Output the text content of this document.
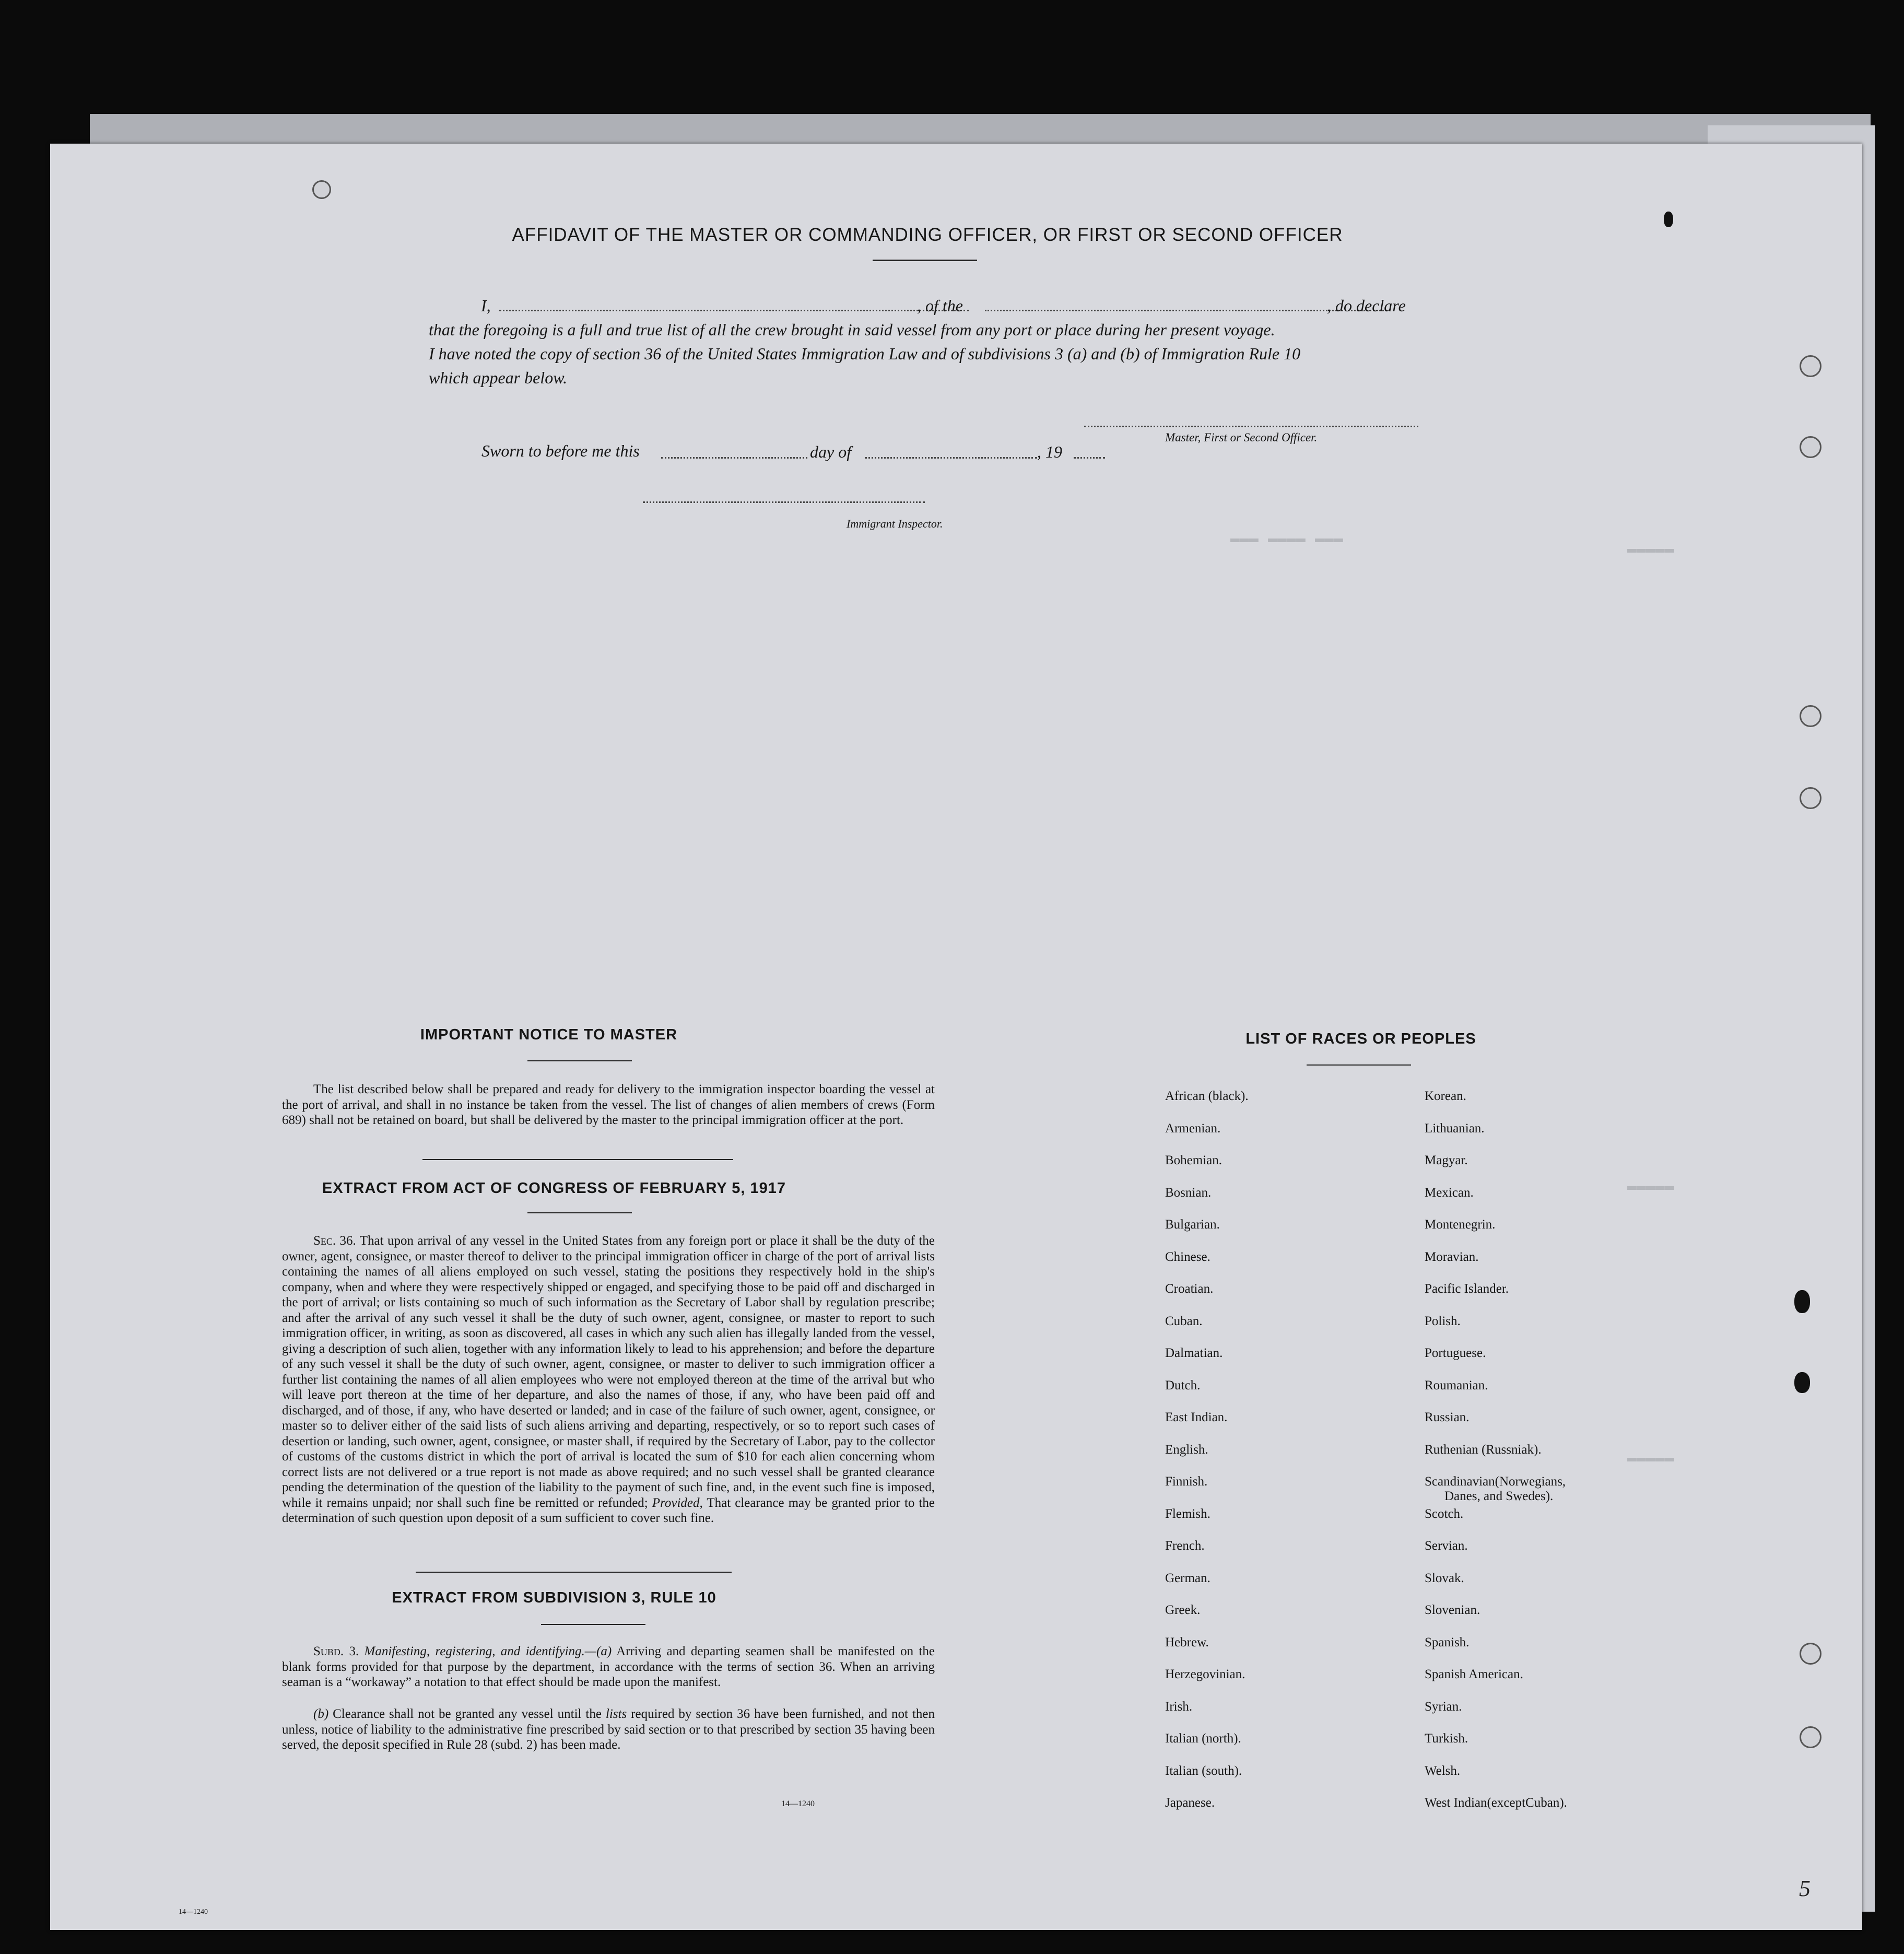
▬▬▬ ▬▬▬▬ ▬▬▬
▬▬▬▬▬
▬▬▬▬▬
▬▬▬▬▬
AFFIDAVIT OF THE MASTER OR COMMANDING OFFICER, OR FIRST OR SECOND OFFICER
I,	, of the	, do declare
that the foregoing is a full and true list of all the crew brought in said vessel from any port or place during her present voyage.
I have noted the copy of section 36 of the United States Immigration Law and of subdivisions 3 (a) and (b) of Immigration Rule 10
which appear below.
Master, First or Second Officer.
Sworn to before me this	day of	, 19
Immigrant Inspector.
IMPORTANT NOTICE TO MASTER
The list described below shall be prepared and ready for delivery to the immigration inspector boarding the vessel at the port of arrival, and shall in no instance be taken from the vessel. The list of changes of alien members of crews (Form 689) shall not be retained on board, but shall be delivered by the master to the principal immigration officer at the port.
EXTRACT FROM ACT OF CONGRESS OF FEBRUARY 5, 1917
Sec. 36. That upon arrival of any vessel in the United States from any foreign port or place it shall be the duty of the owner, agent, consignee, or master thereof to deliver to the principal immigration officer in charge of the port of arrival lists containing the names of all aliens employed on such vessel, stating the positions they respectively hold in the ship's company, when and where they were respectively shipped or engaged, and specifying those to be paid off and discharged in the port of arrival; or lists containing so much of such information as the Secretary of Labor shall by regulation prescribe; and after the arrival of any such vessel it shall be the duty of such owner, agent, consignee, or master to report to such immigration officer, in writing, as soon as discovered, all cases in which any such alien has illegally landed from the vessel, giving a description of such alien, together with any information likely to lead to his apprehension; and before the departure of any such vessel it shall be the duty of such owner, agent, consignee, or master to deliver to such immigration officer a further list containing the names of all alien employees who were not employed thereon at the time of the arrival but who will leave port thereon at the time of her departure, and also the names of those, if any, who have been paid off and discharged, and of those, if any, who have deserted or landed; and in case of the failure of such owner, agent, consignee, or master so to deliver either of the said lists of such aliens arriving and departing, respectively, or so to report such cases of desertion or landing, such owner, agent, consignee, or master shall, if required by the Secretary of Labor, pay to the collector of customs of the customs district in which the port of arrival is located the sum of $10 for each alien concerning whom correct lists are not delivered or a true report is not made as above required; and no such vessel shall be granted clearance pending the determination of the question of the liability to the payment of such fine, and, in the event such fine is imposed, while it remains unpaid; nor shall such fine be remitted or refunded; Provided, That clearance may be granted prior to the determination of such question upon deposit of a sum sufficient to cover such fine.
EXTRACT FROM SUBDIVISION 3, RULE 10
Subd. 3. Manifesting, registering, and identifying.—(a) Arriving and departing seamen shall be manifested on the blank forms provided for that purpose by the department, in accordance with the terms of section 36. When an arriving seaman is a “workaway” a notation to that effect should be made upon the manifest.
(b) Clearance shall not be granted any vessel until the lists required by section 36 have been furnished, and not then unless, notice of liability to the administrative fine prescribed by said section or to that prescribed by section 35 having been served, the deposit specified in Rule 28 (subd. 2) has been made.
14—1240
LIST OF RACES OR PEOPLES
African (black).
Armenian.
Bohemian.
Bosnian.
Bulgarian.
Chinese.
Croatian.
Cuban.
Dalmatian.
Dutch.
East Indian.
English.
Finnish.
Flemish.
French.
German.
Greek.
Hebrew.
Herzegovinian.
Irish.
Italian (north).
Italian (south).
Japanese.
Korean.
Lithuanian.
Magyar.
Mexican.
Montenegrin.
Moravian.
Pacific Islander.
Polish.
Portuguese.
Roumanian.
Russian.
Ruthenian (Russniak).
Scandinavian(Norwegians,
Danes, and Swedes).
Scotch.
Servian.
Slovak.
Slovenian.
Spanish.
Spanish American.
Syrian.
Turkish.
Welsh.
West Indian(exceptCuban).
14—1240
5
